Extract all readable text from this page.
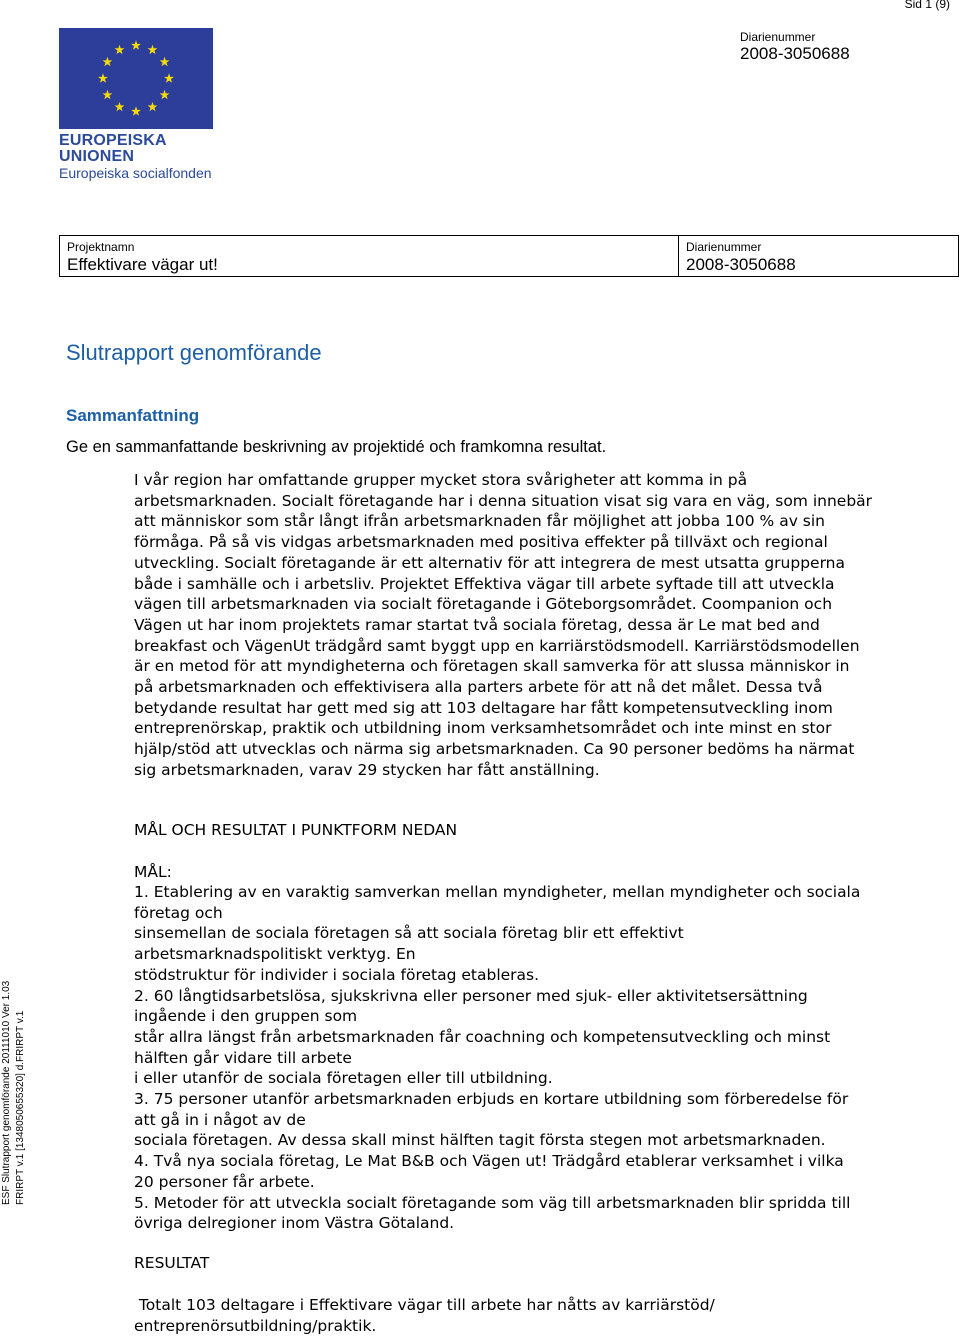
Sid 1 (9)
EUROPEISKA UNIONEN
Europeiska socialfonden
Diarienummer
2008-3050688
Projektnamn
Effektivare vägar ut!
Diarienummer
2008-3050688
Slutrapport genomförande
Sammanfattning
Ge en sammanfattande beskrivning av projektidé och framkomna resultat.
I vår region har omfattande grupper mycket stora svårigheter att komma in på
arbetsmarknaden. Socialt företagande har i denna situation visat sig vara en väg, som innebär
att människor som står långt ifrån arbetsmarknaden får möjlighet att jobba 100 % av sin
förmåga. På så vis vidgas arbetsmarknaden med positiva effekter på tillväxt och regional
utveckling. Socialt företagande är ett alternativ för att integrera de mest utsatta grupperna
både i samhälle och i arbetsliv. Projektet Effektiva vägar till arbete syftade till att utveckla
vägen till arbetsmarknaden via socialt företagande i Göteborgsområdet. Coompanion och
Vägen ut har inom projektets ramar startat två sociala företag, dessa är Le mat bed and
breakfast och VägenUt trädgård samt byggt upp en karriärstödsmodell. Karriärstödsmodellen
är en metod för att myndigheterna och företagen skall samverka för att slussa människor in
på arbetsmarknaden och effektivisera alla parters arbete för att nå det målet. Dessa två
betydande resultat har gett med sig att 103 deltagare har fått kompetensutveckling inom
entreprenörskap, praktik och utbildning inom verksamhetsområdet och inte minst en stor
hjälp/stöd att utvecklas och närma sig arbetsmarknaden. Ca 90 personer bedöms ha närmat
sig arbetsmarknaden, varav 29 stycken har fått anställning.
MÅL OCH RESULTAT I PUNKTFORM NEDAN
MÅL:
1. Etablering av en varaktig samverkan mellan myndigheter, mellan myndigheter och sociala
företag och
sinsemellan de sociala företagen så att sociala företag blir ett effektivt
arbetsmarknadspolitiskt verktyg. En
stödstruktur för individer i sociala företag etableras.
2. 60 långtidsarbetslösa, sjukskrivna eller personer med sjuk- eller aktivitetsersättning
ingående i den gruppen som
står allra längst från arbetsmarknaden får coachning och kompetensutveckling och minst
hälften går vidare till arbete
i eller utanför de sociala företagen eller till utbildning.
3. 75 personer utanför arbetsmarknaden erbjuds en kortare utbildning som förberedelse för
att gå in i något av de
sociala företagen. Av dessa skall minst hälften tagit första stegen mot arbetsmarknaden.
4. Två nya sociala företag, Le Mat B&B och Vägen ut! Trädgård etablerar verksamhet i vilka
20 personer får arbete.
5. Metoder för att utveckla socialt företagande som väg till arbetsmarknaden blir spridda till
övriga delregioner inom Västra Götaland.
RESULTAT
Totalt 103 deltagare i Effektivare vägar till arbete har nåtts av karriärstöd/
entreprenörsutbildning/praktik.
ESF Slutrapport genomförande 20111010 Ver 1.03 FRIRPT v.1 [1348050655320] d.FRIRPT v.1
